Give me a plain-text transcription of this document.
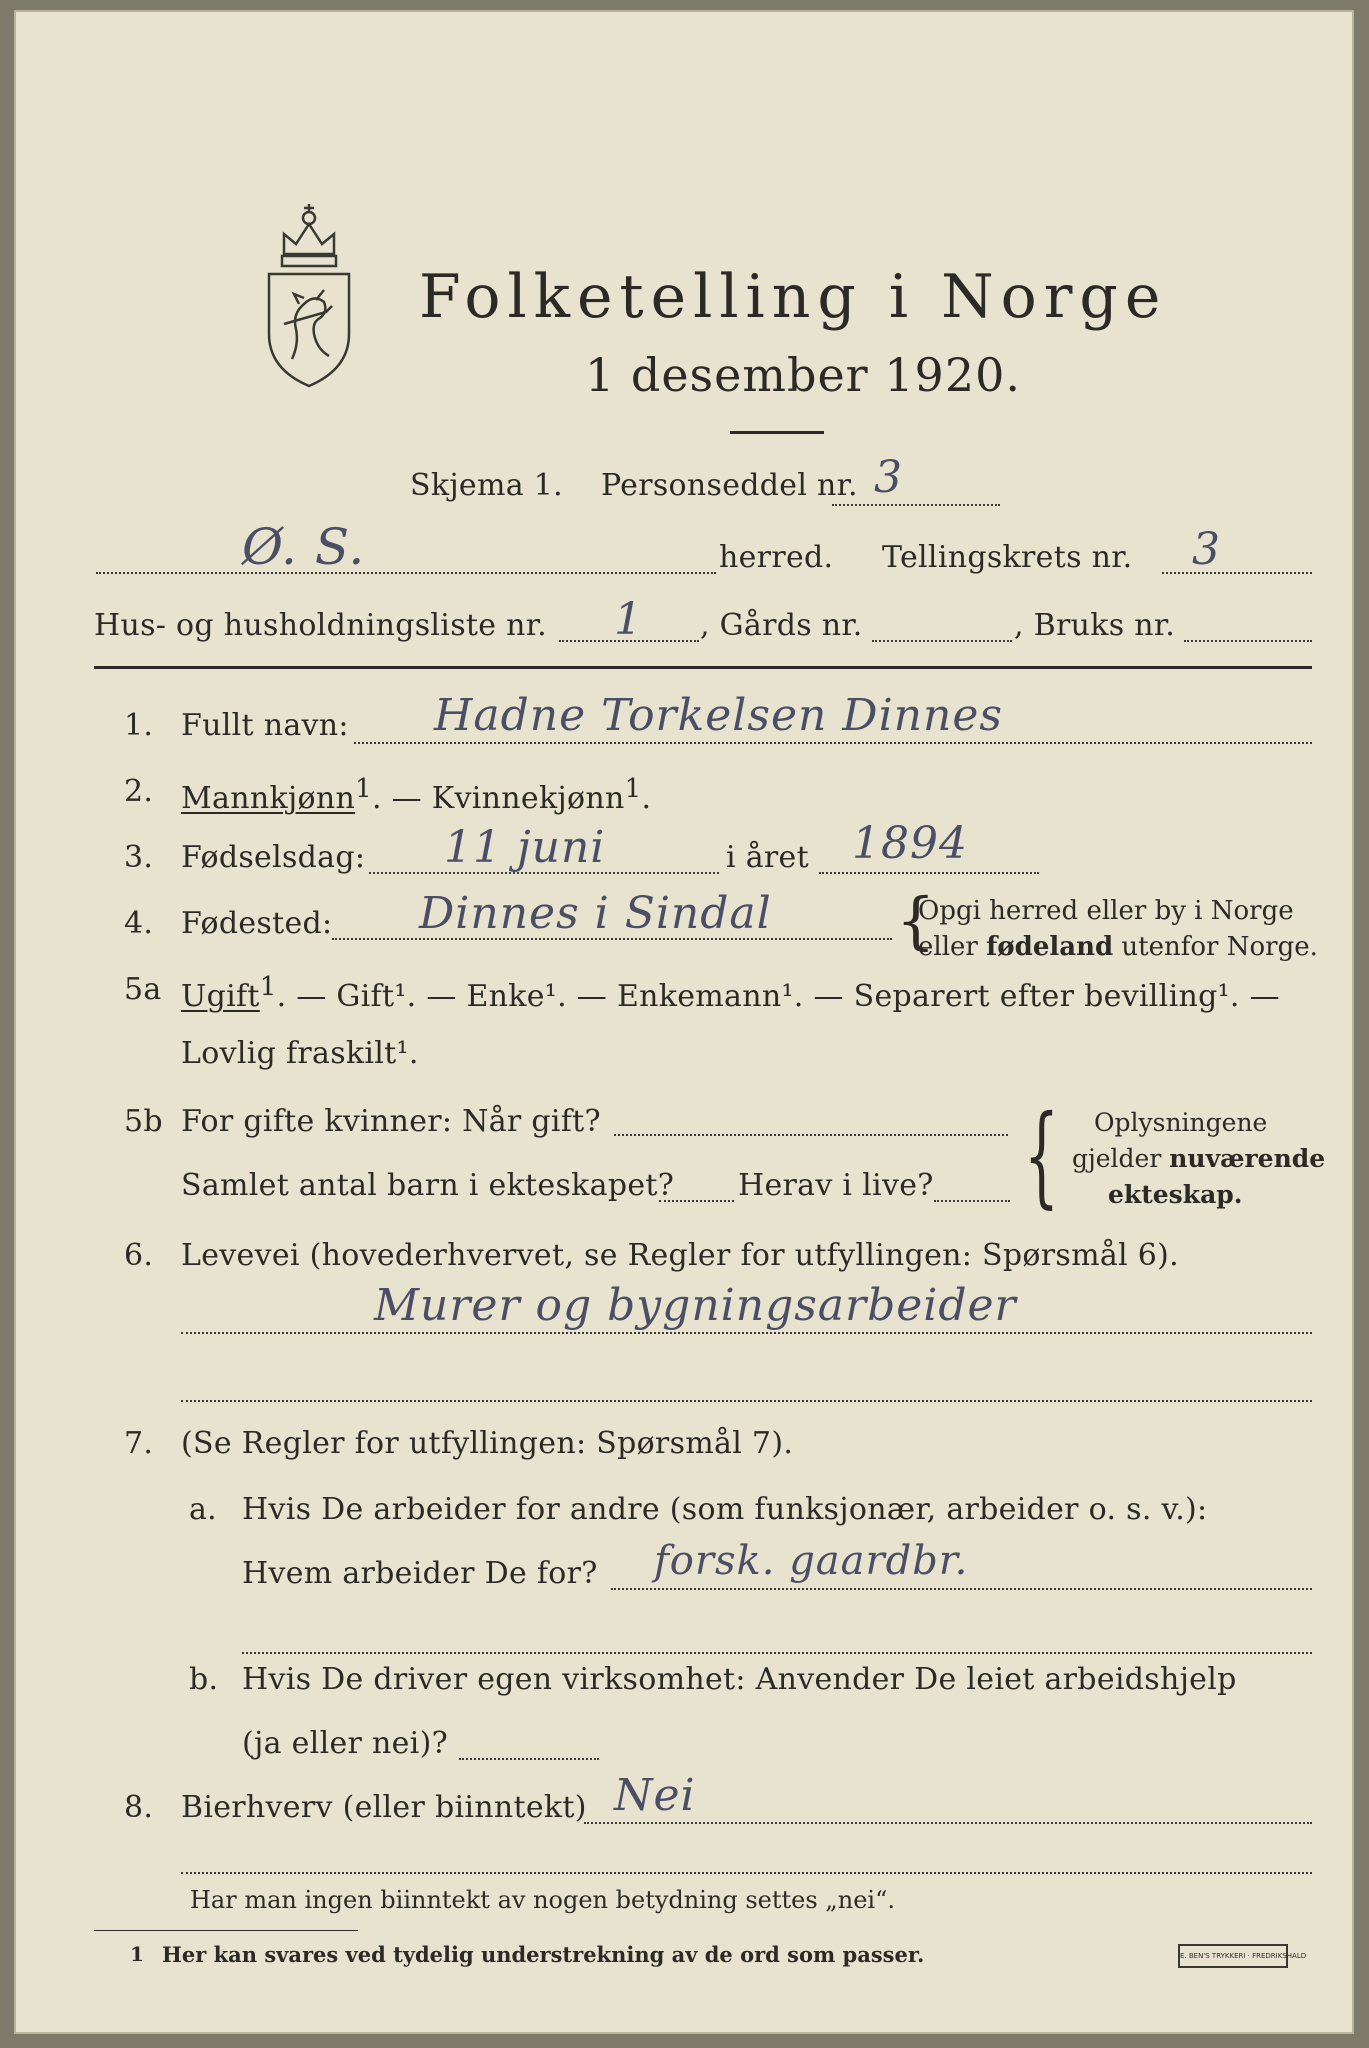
Folketelling i Norge
1 desember 1920.
Skjema 1. Personseddel nr. 3
Ø. S.	herred. Tellingskrets nr. 3
Hus- og husholdningsliste nr. 1 , Gårds nr.	, Bruks nr.
1. Fullt navn: Hadne Torkelsen Dinnes
2. Mannkjønn$^1$. — Kvinnekjønn$^1$.
3. Fødselsdag: 11 juni	i året 1894
4. Fødested: Dinnes i Sindal {
Opgi herred eller by i Norge
eller fødeland utenfor Norge.
5a Ugift$^1$. — Gift¹. — Enke¹. — Enkemann¹. — Separert efter bevilling¹. —
Lovlig fraskilt¹.
5b For gifte kvinner: Når gift?
Samlet antal barn i ekteskapet? Herav i live? { Oplysningene
gjelder nuværende
ekteskap.
6. Levevei (hovederhvervet, se Regler for utfyllingen: Spørsmål 6).
Murer og bygningsarbeider
7. (Se Regler for utfyllingen: Spørsmål 7).
a. Hvis De arbeider for andre (som funksjonær, arbeider o. s. v.):
Hvem arbeider De for? forsk. gaardbr.
b. Hvis De driver egen virksomhet: Anvender De leiet arbeidshjelp
(ja eller nei)?
8. Bierhverv (eller biinntekt) Nei
Har man ingen biinntekt av nogen betydning settes „nei“.
1 Her kan svares ved tydelig understrekning av de ord som passer.	E. BEN'S TRYKKERI · FREDRIKSHALD
